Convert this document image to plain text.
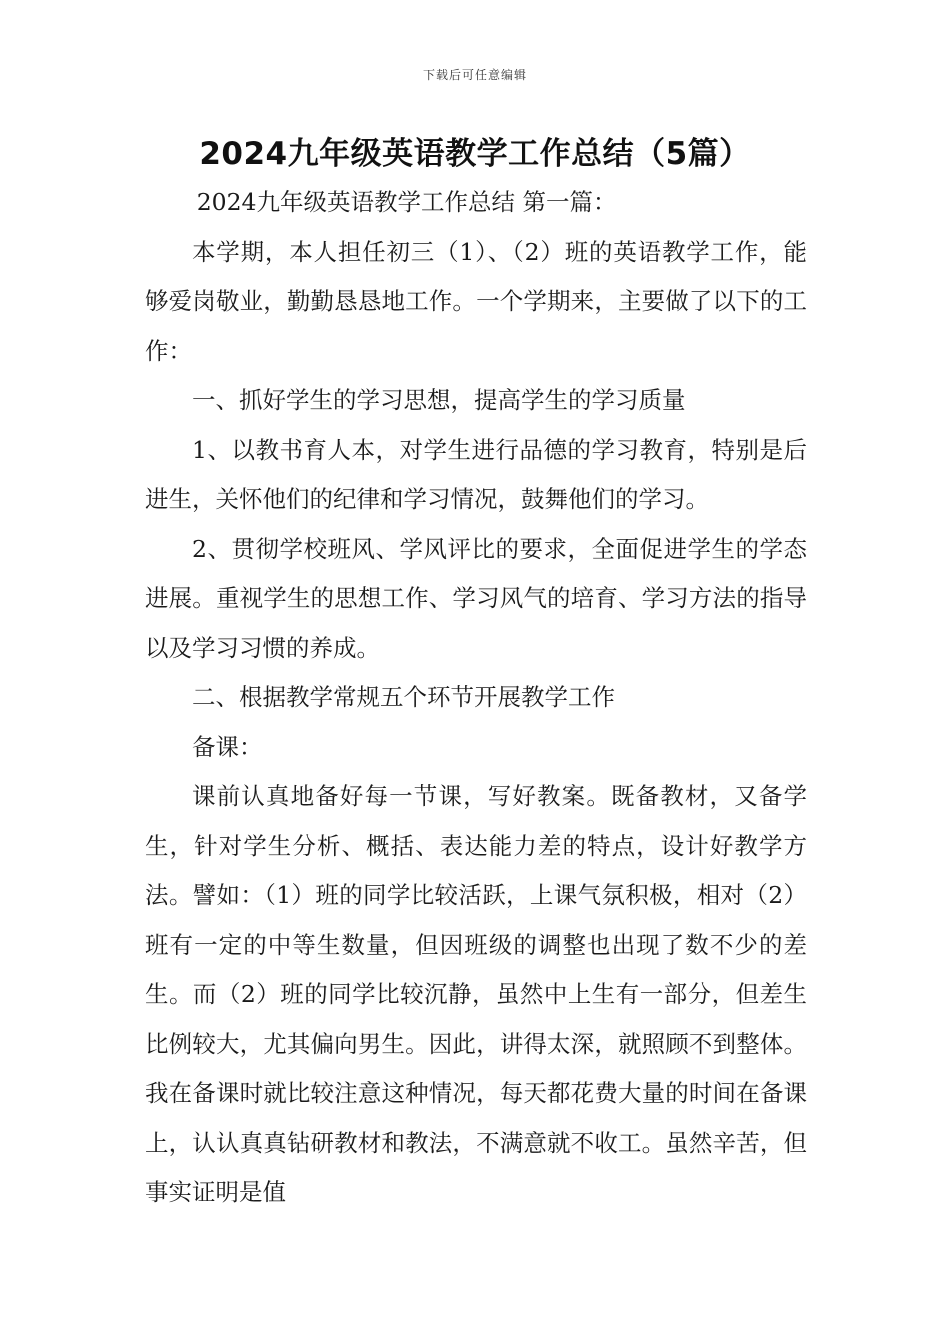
下载后可任意编辑
2024九年级英语教学工作总结（5篇）

2024九年级英语教学工作总结 第一篇：

本学期，本人担任初三（1）、（2）班的英语教学工作，能够爱岗敬业，勤勤恳恳地工作。一个学期来，主要做了以下的工作：

一、抓好学生的学习思想，提高学生的学习质量

1、以教书育人本，对学生进行品德的学习教育，特别是后进生，关怀他们的纪律和学习情况，鼓舞他们的学习。

2、贯彻学校班风、学风评比的要求，全面促进学生的学态进展。重视学生的思想工作、学习风气的培育、学习方法的指导以及学习习惯的养成。

二、根据教学常规五个环节开展教学工作

备课：

课前认真地备好每一节课，写好教案。既备教材，又备学生，针对学生分析、概括、表达能力差的特点，设计好教学方法。譬如：（1）班的同学比较活跃，上课气氛积极，相对（2）班有一定的中等生数量，但因班级的调整也出现了数不少的差生。而（2）班的同学比较沉静，虽然中上生有一部分，但差生比例较大，尤其偏向男生。因此，讲得太深，就照顾不到整体。我在备课时就比较注意这种情况，每天都花费大量的时间在备课上，认认真真钻研教材和教法，不满意就不收工。虽然辛苦，但事实证明是值
